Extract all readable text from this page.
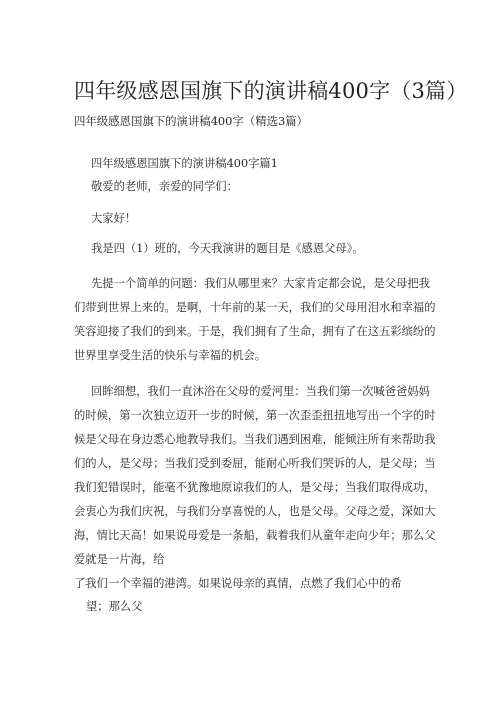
四年级感恩国旗下的演讲稿400字（3篇）
四年级感恩国旗下的演讲稿400字（精选3篇）
四年级感恩国旗下的演讲稿400字篇1
敬爱的老师，亲爱的同学们：
大家好！
我是四（1）班的，今天我演讲的题目是《感恩父母》。
先提一个简单的问题：我们从哪里来？大家肯定都会说，是父母把我
们带到世界上来的。是啊，十年前的某一天，我们的父母用泪水和幸福的
笑容迎接了我们的到来。于是，我们拥有了生命，拥有了在这五彩缤纷的
世界里享受生活的快乐与幸福的机会。
回眸细想，我们一直沐浴在父母的爱河里：当我们第一次喊爸爸妈妈
的时候，第一次独立迈开一步的时候，第一次歪歪扭扭地写出一个字的时
候是父母在身边悉心地教导我们。当我们遇到困难，能倾注所有来帮助我
们的人，是父母；当我们受到委屈，能耐心听我们哭诉的人，是父母；当
我们犯错误时，能毫不犹豫地原谅我们的人，是父母；当我们取得成功，
会衷心为我们庆祝，与我们分享喜悦的人，也是父母。父母之爱，深如大
海，情比天高！如果说母爱是一条船，载着我们从童年走向少年；那么父
爱就是一片海，给
了我们一个幸福的港湾。如果说母亲的真情，点燃了我们心中的希
望；那么父
